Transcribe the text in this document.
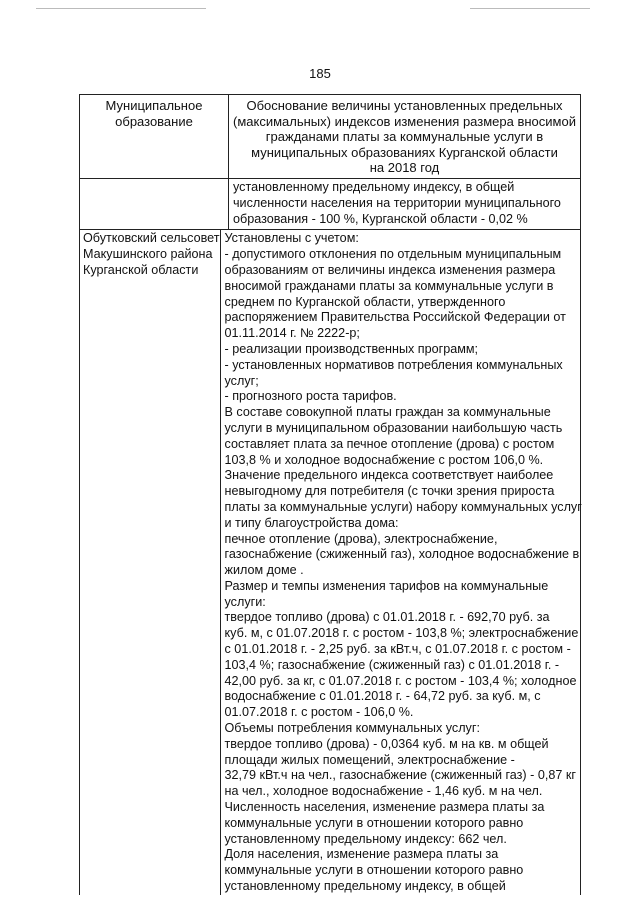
185
Муниципальное
образование
Обоснование величины установленных предельных
(максимальных) индексов изменения размера вносимой
гражданами платы за коммунальные услуги в
муниципальных образованиях Курганской области
на 2018 год
установленному предельному индексу, в общей
численности населения на территории муниципального
образования - 100 %, Курганской области - 0,02 %
Обутковский сельсовет
Макушинского района
Курганской области
Установлены с учетом:
- допустимого отклонения по отдельным муниципальным
образованиям от величины индекса изменения размера
вносимой гражданами платы за коммунальные услуги в
среднем по Курганской области, утвержденного
распоряжением Правительства Российской Федерации от
01.11.2014 г. № 2222-р;
- реализации производственных программ;
- установленных нормативов потребления коммунальных
услуг;
- прогнозного роста тарифов.
В составе совокупной платы граждан за коммунальные
услуги в муниципальном образовании наибольшую часть
составляет плата за печное отопление (дрова) с ростом
103,8 % и холодное водоснабжение с ростом 106,0 %.
Значение предельного индекса соответствует наиболее
невыгодному для потребителя (с точки зрения прироста
платы за коммунальные услуги) набору коммунальных услуг
и типу благоустройства дома:
печное отопление (дрова), электроснабжение,
газоснабжение (сжиженный газ), холодное водоснабжение в
жилом доме .
Размер и темпы изменения тарифов на коммунальные
услуги:
твердое топливо (дрова) с 01.01.2018 г. - 692,70 руб. за
куб. м, с 01.07.2018 г. с ростом - 103,8 %; электроснабжение
с 01.01.2018 г. - 2,25 руб. за кВт.ч, с 01.07.2018 г. с ростом -
103,4 %; газоснабжение (сжиженный газ) с 01.01.2018 г. -
42,00 руб. за кг, с 01.07.2018 г. с ростом - 103,4 %; холодное
водоснабжение с 01.01.2018 г. - 64,72 руб. за куб. м, с
01.07.2018 г. с ростом - 106,0 %.
Объемы потребления коммунальных услуг:
твердое топливо (дрова) - 0,0364 куб. м на кв. м общей
площади жилых помещений, электроснабжение -
32,79 кВт.ч на чел., газоснабжение (сжиженный газ) - 0,87 кг
на чел., холодное водоснабжение - 1,46 куб. м на чел.
Численность населения, изменение размера платы за
коммунальные услуги в отношении которого равно
установленному предельному индексу: 662 чел.
Доля населения, изменение размера платы за
коммунальные услуги в отношении которого равно
установленному предельному индексу, в общей
